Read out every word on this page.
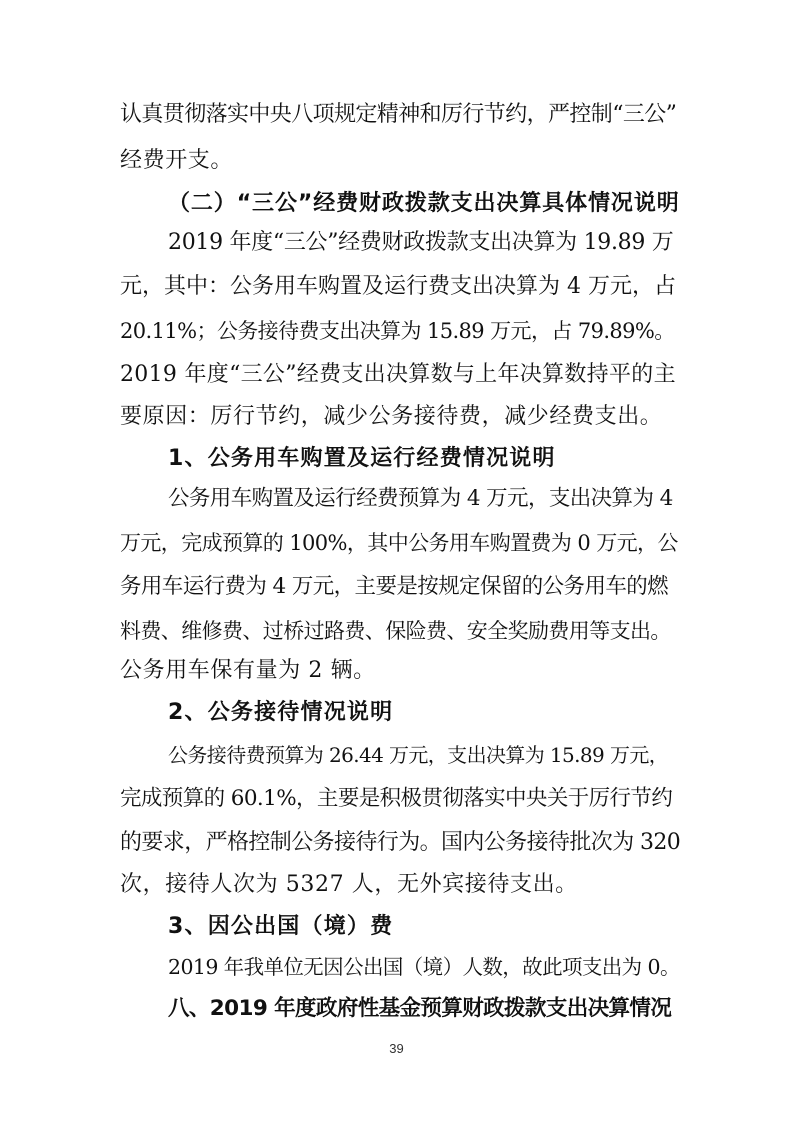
认真贯彻落实中央八项规定精神和厉行节约，严控制“三公”
经费开支。
（二）“三公”经费财政拨款支出决算具体情况说明
2019 年度“三公”经费财政拨款支出决算为 19.89 万
元，其中：公务用车购置及运行费支出决算为 4 万元，占
20.11%；公务接待费支出决算为 15.89 万元，占 79.89%。
2019 年度“三公”经费支出决算数与上年决算数持平的主
要原因：厉行节约，减少公务接待费，减少经费支出。
1、公务用车购置及运行经费情况说明
公务用车购置及运行经费预算为 4 万元，支出决算为 4
万元，完成预算的 100%，其中公务用车购置费为 0 万元，公
务用车运行费为 4 万元，主要是按规定保留的公务用车的燃
料费、维修费、过桥过路费、保险费、安全奖励费用等支出。
公务用车保有量为 2 辆。
2、公务接待情况说明
公务接待费预算为 26.44 万元，支出决算为 15.89 万元，
完成预算的 60.1%，主要是积极贯彻落实中央关于厉行节约
的要求，严格控制公务接待行为。国内公务接待批次为 320
次，接待人次为 5327 人，无外宾接待支出。
3、因公出国（境）费
2019 年我单位无因公出国（境）人数，故此项支出为 0。
八、2019 年度政府性基金预算财政拨款支出决算情况
39
